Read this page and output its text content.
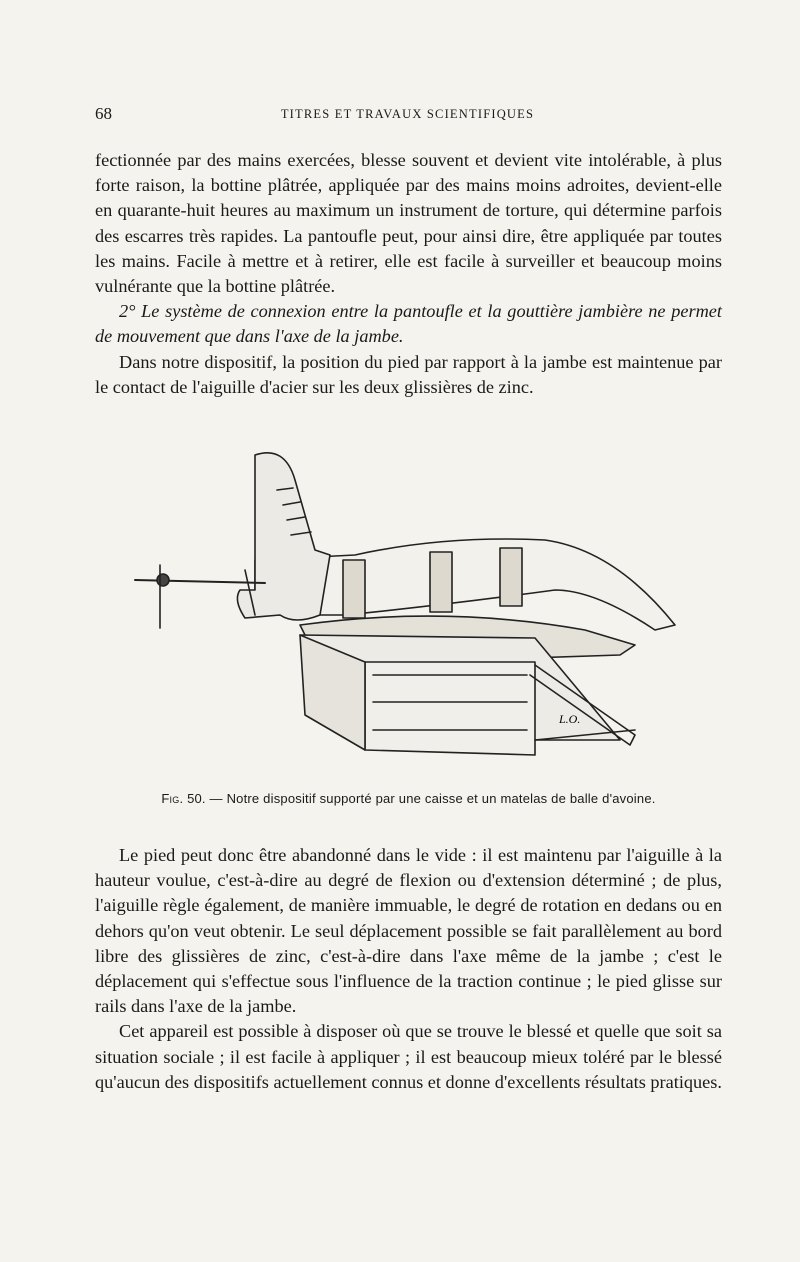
68	TITRES ET TRAVAUX SCIENTIFIQUES

fectionnée par des mains exercées, blesse souvent et devient vite intolérable, à plus forte raison, la bottine plâtrée, appliquée par des mains moins adroites, devient-elle en quarante-huit heures au maximum un instrument de torture, qui détermine parfois des escarres très rapides. La pantoufle peut, pour ainsi dire, être appliquée par toutes les mains. Facile à mettre et à retirer, elle est facile à surveiller et beaucoup moins vulnérante que la bottine plâtrée.

2° Le système de connexion entre la pantoufle et la gouttière jambière ne permet de mouvement que dans l'axe de la jambe.

Dans notre dispositif, la position du pied par rapport à la jambe est maintenue par le contact de l'aiguille d'acier sur les deux glissières de zinc.

L.O.
Fig. 50. — Notre dispositif supporté par une caisse et un matelas de balle d'avoine.

Le pied peut donc être abandonné dans le vide : il est maintenu par l'aiguille à la hauteur voulue, c'est-à-dire au degré de flexion ou d'extension déterminé ; de plus, l'aiguille règle également, de manière immuable, le degré de rotation en dedans ou en dehors qu'on veut obtenir. Le seul déplacement possible se fait parallèlement au bord libre des glissières de zinc, c'est-à-dire dans l'axe même de la jambe ; c'est le déplacement qui s'effectue sous l'influence de la traction continue ; le pied glisse sur rails dans l'axe de la jambe.

Cet appareil est possible à disposer où que se trouve le blessé et quelle que soit sa situation sociale ; il est facile à appliquer ; il est beaucoup mieux toléré par le blessé qu'aucun des dispositifs actuellement connus et donne d'excellents résultats pratiques.
